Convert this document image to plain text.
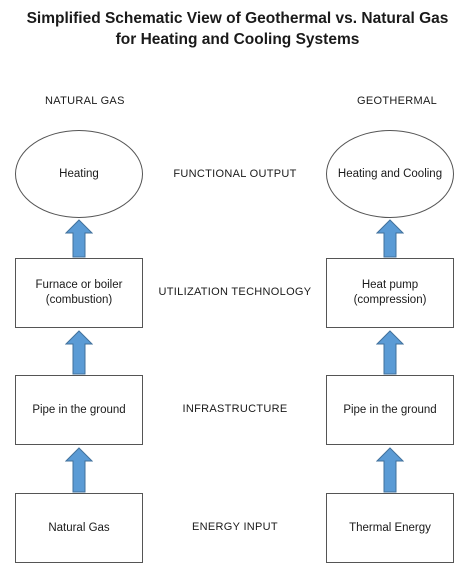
Simplified Schematic View of Geothermal vs. Natural Gas
for Heating and Cooling Systems
NATURAL GAS	GEOTHERMAL
FUNCTIONAL OUTPUT
UTILIZATION TECHNOLOGY
INFRASTRUCTURE
ENERGY INPUT
Heating
Furnace or boiler
(combustion)
Pipe in the ground
Natural Gas
Heating and Cooling
Heat pump
(compression)
Pipe in the ground
Thermal Energy
